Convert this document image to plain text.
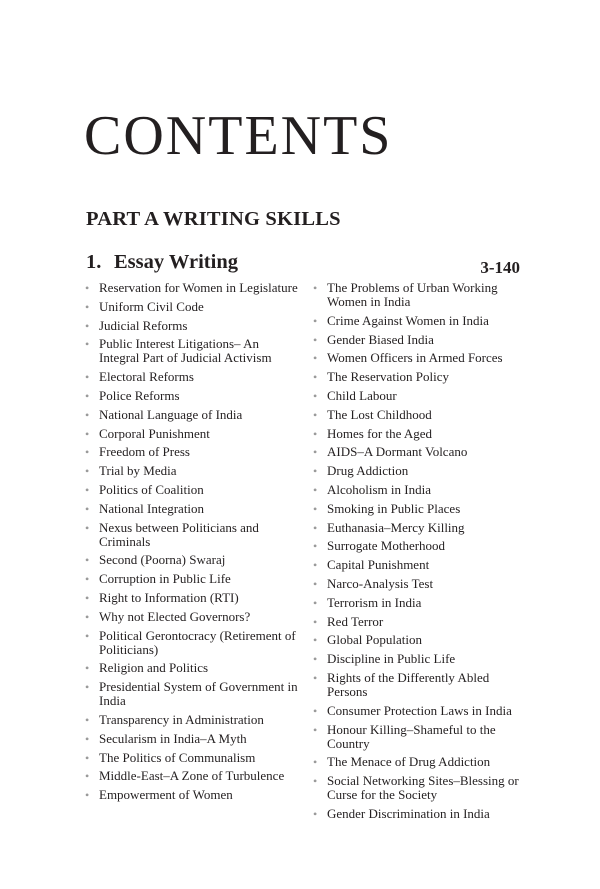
CONTENTS
PART A WRITING SKILLS
1. Essay Writing	3-140
• Reservation for Women in Legislature
• Uniform Civil Code
• Judicial Reforms
• Public Interest Litigations– An Integral Part of Judicial Activism
• Electoral Reforms
• Police Reforms
• National Language of India
• Corporal Punishment
• Freedom of Press
• Trial by Media
• Politics of Coalition
• National Integration
• Nexus between Politicians and Criminals
• Second (Poorna) Swaraj
• Corruption in Public Life
• Right to Information (RTI)
• Why not Elected Governors?
• Political Gerontocracy (Retirement of Politicians)
• Religion and Politics
• Presidential System of Government in India
• Transparency in Administration
• Secularism in India–A Myth
• The Politics of Communalism
• Middle-East–A Zone of Turbulence
• Empowerment of Women
• The Problems of Urban Working Women in India
• Crime Against Women in India
• Gender Biased India
• Women Officers in Armed Forces
• The Reservation Policy
• Child Labour
• The Lost Childhood
• Homes for the Aged
• AIDS–A Dormant Volcano
• Drug Addiction
• Alcoholism in India
• Smoking in Public Places
• Euthanasia–Mercy Killing
• Surrogate Motherhood
• Capital Punishment
• Narco-Analysis Test
• Terrorism in India
• Red Terror
• Global Population
• Discipline in Public Life
• Rights of the Differently Abled Persons
• Consumer Protection Laws in India
• Honour Killing–Shameful to the Country
• The Menace of Drug Addiction
• Social Networking Sites–Blessing or Curse for the Society
• Gender Discrimination in India
